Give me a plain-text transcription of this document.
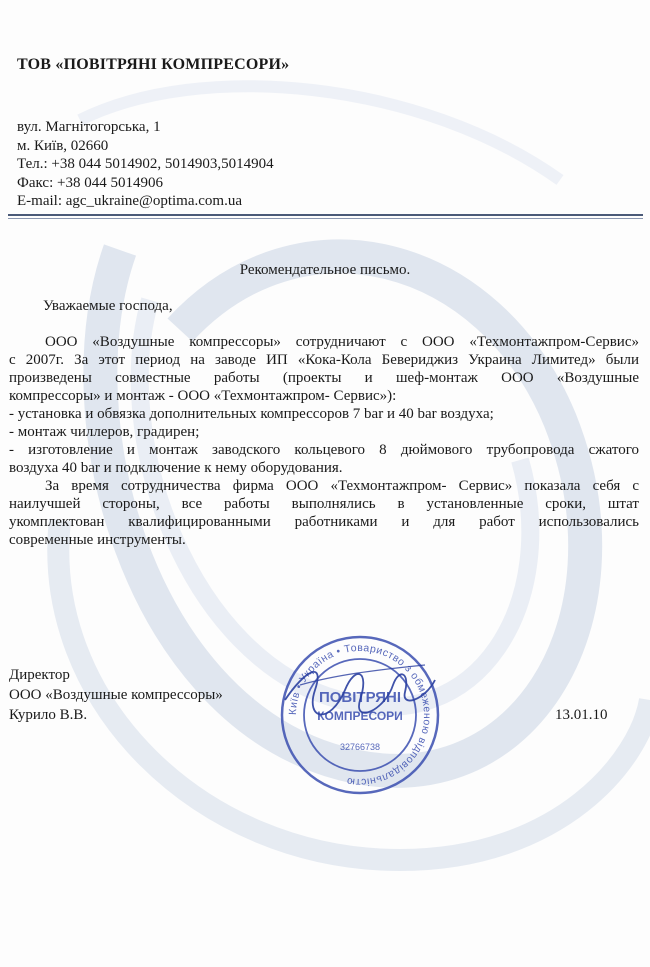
ТОВ «ПОВІТРЯНІ КОМПРЕСОРИ»
вул. Магнітогорська, 1
м. Київ, 02660
Тел.: +38 044 5014902, 5014903,5014904
Факс: +38 044 5014906
E-mail: agc_ukraine@optima.com.ua
Рекомендательное письмо.
Уважаемые господа,
ООО «Воздушные компрессоры» сотрудничают с ООО «Техмонтажпром-Сервис»
с 2007г. За этот период на заводе ИП «Кока-Кола Бевериджиз Украина Лимитед» были
произведены совместные работы (проекты и шеф-монтаж ООО «Воздушные
компрессоры» и монтаж - ООО «Техмонтажпром- Сервис»):
- установка и обвязка дополнительных компрессоров 7 bar и 40 bar воздуха;
- монтаж чиллеров, градирен;
- изготовление и монтаж заводского кольцевого 8 дюймового трубопровода сжатого
воздуха 40 bar и подключение к нему оборудования.
За время сотрудничества фирма ООО «Техмонтажпром- Сервис» показала себя с
наилучшей стороны, все работы выполнялись в установленные сроки, штат
укомплектован квалифицированными работниками и для работ использовались
современные инструменты.
Директор
ООО «Воздушные компрессоры»
Курило В.В.	13.01.10
Київ • Україна • Товариство з обмеженою відповідальністю
ПОВІТРЯНІ
КОМПРЕСОРИ
32766738
